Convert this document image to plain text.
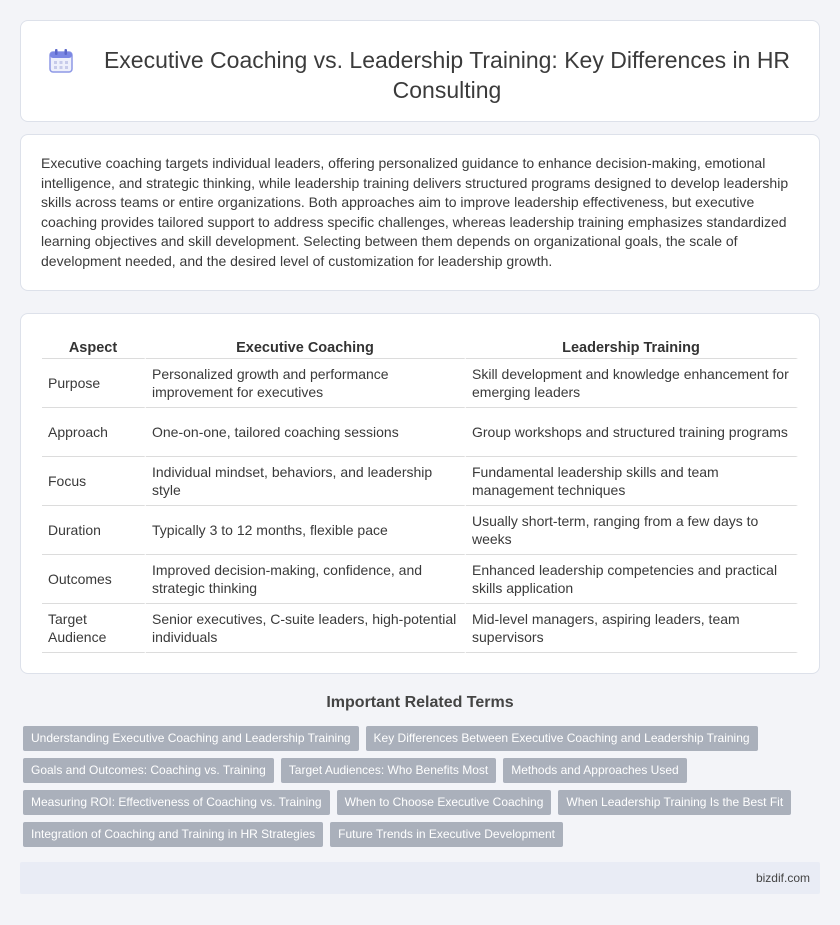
Executive Coaching vs. Leadership Training: Key Differences in HR Consulting

Executive coaching targets individual leaders, offering personalized guidance to enhance decision-making, emotional intelligence, and strategic thinking, while leadership training delivers structured programs designed to develop leadership skills across teams or entire organizations. Both approaches aim to improve leadership effectiveness, but executive coaching provides tailored support to address specific challenges, whereas leadership training emphasizes standardized learning objectives and skill development. Selecting between them depends on organizational goals, the scale of development needed, and the desired level of customization for leadership growth.

Aspect	Executive Coaching	Leadership Training
Purpose	Personalized growth and performance improvement for executives	Skill development and knowledge enhancement for emerging leaders
Approach	One-on-one, tailored coaching sessions	Group workshops and structured training programs
Focus	Individual mindset, behaviors, and leadership style	Fundamental leadership skills and team management techniques
Duration	Typically 3 to 12 months, flexible pace	Usually short-term, ranging from a few days to weeks
Outcomes	Improved decision-making, confidence, and strategic thinking	Enhanced leadership competencies and practical skills application
Target Audience	Senior executives, C-suite leaders, high-potential individuals	Mid-level managers, aspiring leaders, team supervisors
Important Related Terms
Understanding Executive Coaching and Leadership Training	Key Differences Between Executive Coaching and Leadership Training
Goals and Outcomes: Coaching vs. Training	Target Audiences: Who Benefits Most	Methods and Approaches Used
Measuring ROI: Effectiveness of Coaching vs. Training	When to Choose Executive Coaching	When Leadership Training Is the Best Fit
Integration of Coaching and Training in HR Strategies	Future Trends in Executive Development
bizdif.com
